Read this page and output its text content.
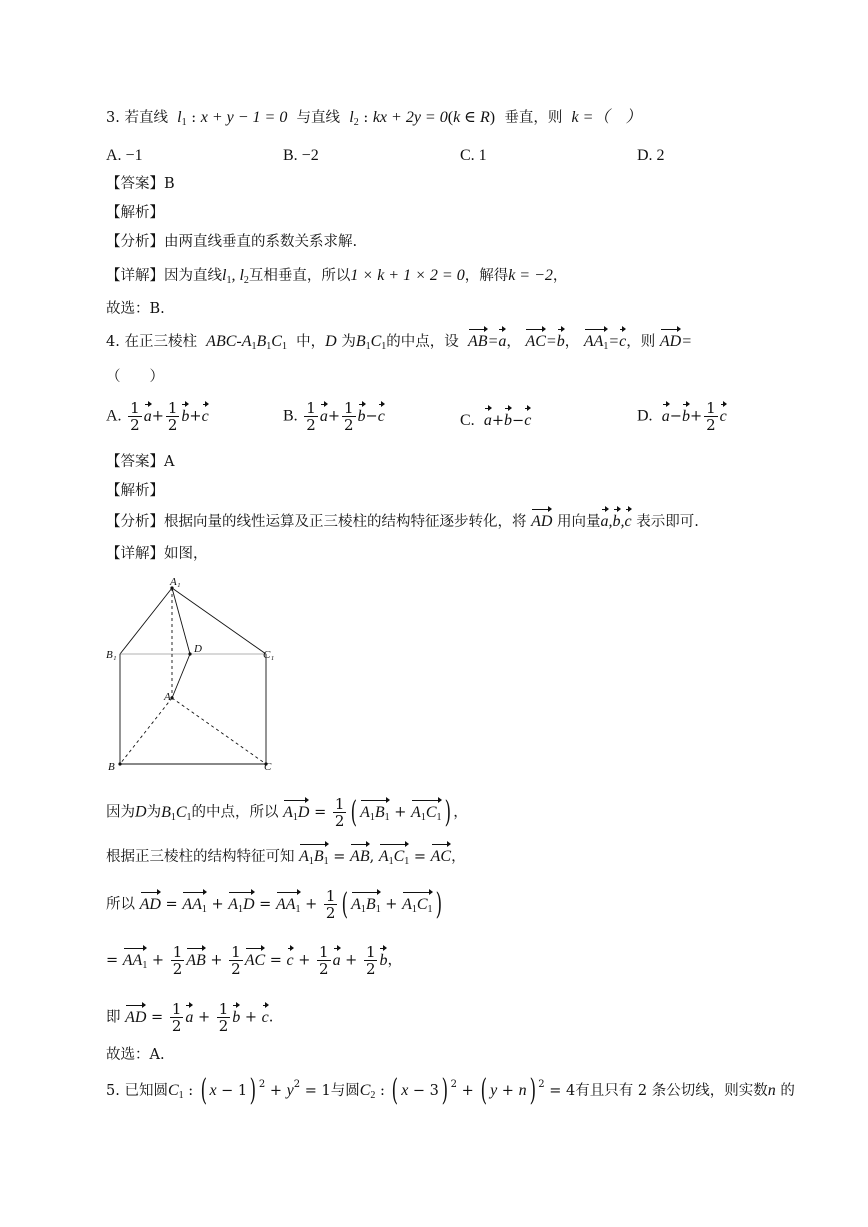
3. 若直线 $l_1$ : x + y − 1 = 0 与直线 $l_2$ : kx + 2y = 0(k ∈ R) 垂直，则 k =（　）
A. −1	B. −2	C. 1	D. 2
【答案】B
【解析】
【分析】由两直线垂直的系数关系求解.
【详解】因为直线$l_1$, $l_2$互相垂直，所以1 × k + 1 × 2 = 0，解得k = −2，
故选：B.
4. 在正三棱柱 ABC-$A_1B_1C_1$ 中，D 为$B_1C_1$的中点，设 AB=a， AC=b， $AA_1=c$，则 AD=
（　　）
A. $\frac{1}{2} a+ \frac{1}{2} b+c$	B. $\frac{1}{2} a+ \frac{1}{2} b-c$	C. a+b−c	D. $a-b+ \frac{1}{2}$ c
【答案】A
【解析】
【分析】根据向量的线性运算及正三棱柱的结构特征逐步转化，将 AD 用向量a,b,c 表示即可.
【详解】如图，
A₁
B₁	C₁
D
A
B	C
因为D为$B_1C_1$的中点，所以 $A_1D = \frac{1}{2}$ ( $A_1B_1 + A_1C_1$) ，
根据正三棱柱的结构特征可知 $A_1B_1$ = AB, $A_1C_1$ = AC，
所以 AD = $AA_1 + A_1D = AA_1 + \frac{1}{2}$ ( $A_1B_1 + A_1C_1$)
= $AA_1 + \frac{1}{2}$ AB + $\frac{1}{2}$ AC = $c + \frac{1}{2}$ $a + \frac{1}{2}$ b，
即 AD = $\frac{1}{2}$ $a + \frac{1}{2}$ b + c.
故选：A.
5. 已知圆$C_1$ : ( x − 1) $^2 + y^2 = 1$与圆$C_2$ : ( x − 3) $^2$ + ( y + n) $^2$ = 4有且只有 2 条公切线，则实数n 的
